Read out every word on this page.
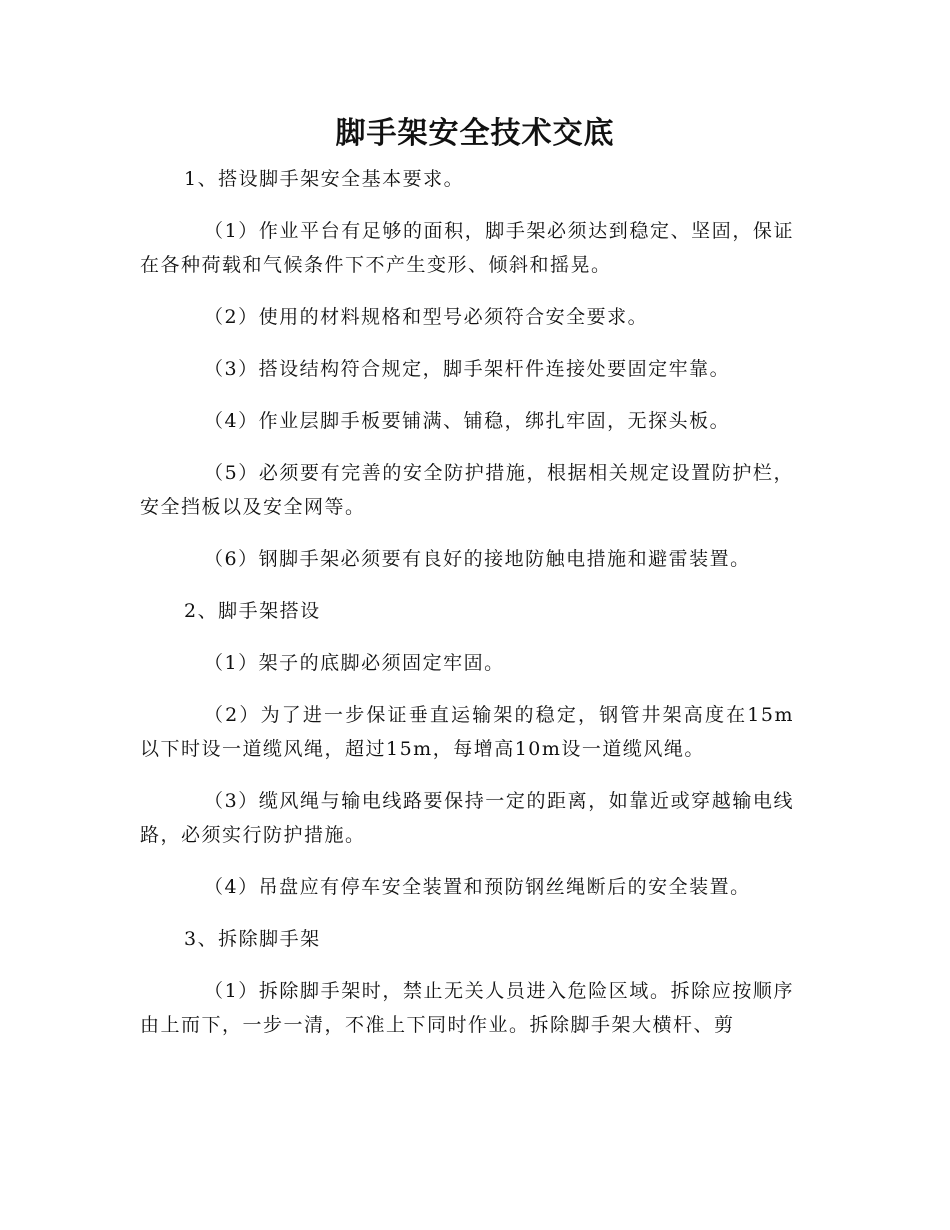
脚手架安全技术交底

1、搭设脚手架安全基本要求。

（1）作业平台有足够的面积，脚手架必须达到稳定、坚固，保证在各种荷载和气候条件下不产生变形、倾斜和摇晃。

（2）使用的材料规格和型号必须符合安全要求。

（3）搭设结构符合规定，脚手架杆件连接处要固定牢靠。

（4）作业层脚手板要铺满、铺稳，绑扎牢固，无探头板。

（5）必须要有完善的安全防护措施，根据相关规定设置防护栏，安全挡板以及安全网等。

（6）钢脚手架必须要有良好的接地防触电措施和避雷装置。

2、脚手架搭设

（1）架子的底脚必须固定牢固。

（2）为了进一步保证垂直运输架的稳定，钢管井架高度在15m以下时设一道缆风绳，超过15m，每增高10m设一道缆风绳。

（3）缆风绳与输电线路要保持一定的距离，如靠近或穿越输电线路，必须实行防护措施。

（4）吊盘应有停车安全装置和预防钢丝绳断后的安全装置。

3、拆除脚手架

（1）拆除脚手架时，禁止无关人员进入危险区域。拆除应按顺序由上而下，一步一清，不准上下同时作业。拆除脚手架大横杆、剪
